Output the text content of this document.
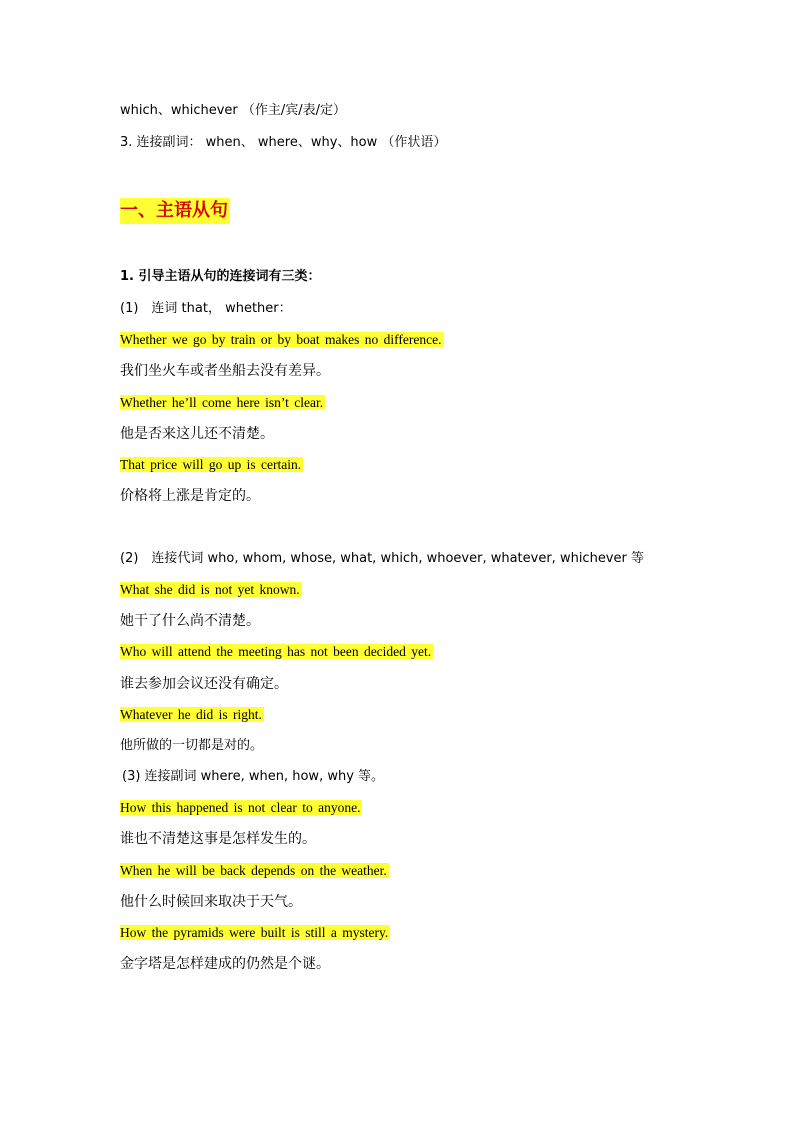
which、whichever （作主/宾/表/定）
3. 连接副词： when、 where、why、how （作状语）
一、主语从句
1. 引导主语从句的连接词有三类：
(1)　连词 that， whether：
Whether we go by train or by boat makes no difference.
我们坐火车或者坐船去没有差异。
Whether he’ll come here isn’t clear.
他是否来这儿还不清楚。
That price will go up is certain.
价格将上涨是肯定的。
(2)　连接代词 who, whom, whose, what, which, whoever, whatever, whichever 等
What she did is not yet known.
她干了什么尚不清楚。
Who will attend the meeting has not been decided yet.
谁去参加会议还没有确定。
Whatever he did is right.
他所做的一切都是对的。
(3) 连接副词 where, when, how, why 等。
How this happened is not clear to anyone.
谁也不清楚这事是怎样发生的。
When he will be back depends on the weather.
他什么时候回来取决于天气。
How the pyramids were built is still a mystery.
金字塔是怎样建成的仍然是个谜。
